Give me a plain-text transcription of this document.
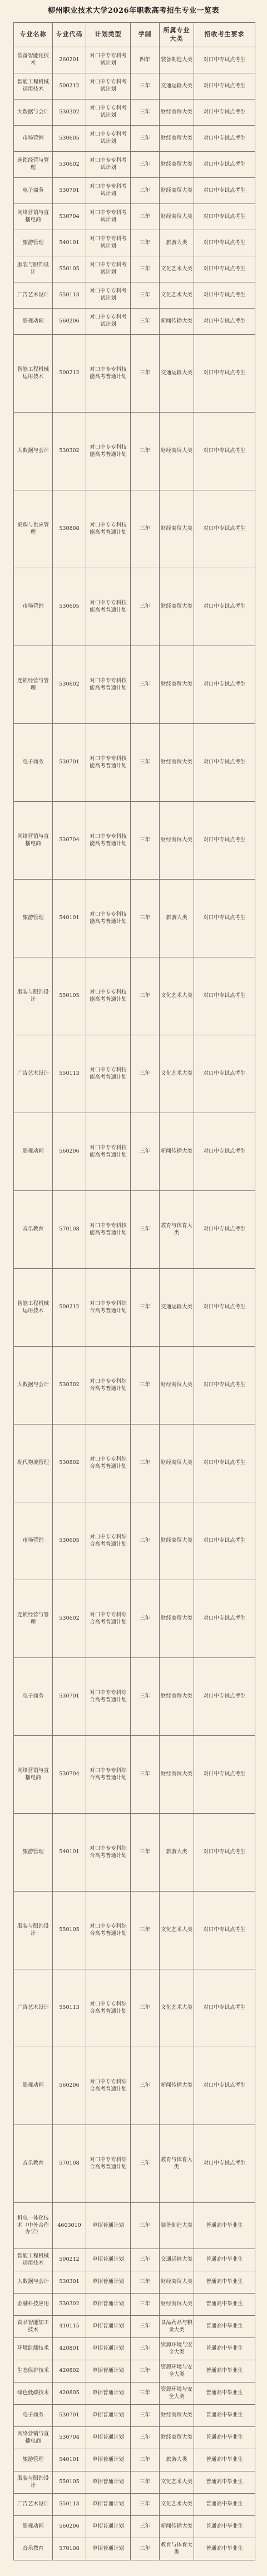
柳州职业技术大学2026年职教高考招生专业一览表
专业名称	专业代码	计划类型	学制	所属专业大类	招收考生要求
装备智能化技术	260201	对口中专专科考试计划	四年	装备制造大类	对口中专试点考生
智能工程机械运用技术	500212	对口中专专科考试计划	三年	交通运输大类	对口中专试点考生
大数据与会计	530302	对口中专专科考试计划	三年	财经商贸大类	对口中专试点考生
市场营销	530605	对口中专专科考试计划	三年	财经商贸大类	对口中专试点考生
连锁经营与管理	530602	对口中专专科考试计划	三年	财经商贸大类	对口中专试点考生
电子商务	530701	对口中专专科考试计划	三年	财经商贸大类	对口中专试点考生
网络营销与直播电商	530704	对口中专专科考试计划	三年	财经商贸大类	对口中专试点考生
旅游管理	540101	对口中专专科考试计划	三年	旅游大类	对口中专试点考生
服装与服饰设计	550105	对口中专专科考试计划	三年	文化艺术大类	对口中专试点考生
广告艺术设计	550113	对口中专专科考试计划	三年	文化艺术大类	对口中专试点考生
影视动画	560206	对口中专专科考试计划	三年	新闻传播大类	对口中专试点考生
智能工程机械运用技术	500212	对口中专专科技能高考普通计划	三年	交通运输大类	对口中专试点考生
大数据与会计	530302	对口中专专科技能高考普通计划	三年	财经商贸大类	对口中专试点考生
采购与供应管理	530808	对口中专专科技能高考普通计划	三年	财经商贸大类	对口中专试点考生
市场营销	530605	对口中专专科技能高考普通计划	三年	财经商贸大类	对口中专试点考生
连锁经营与管理	530602	对口中专专科技能高考普通计划	三年	财经商贸大类	对口中专试点考生
电子商务	530701	对口中专专科技能高考普通计划	三年	财经商贸大类	对口中专试点考生
网络营销与直播电商	530704	对口中专专科技能高考普通计划	三年	财经商贸大类	对口中专试点考生
旅游管理	540101	对口中专专科技能高考普通计划	三年	旅游大类	对口中专试点考生
服装与服饰设计	550105	对口中专专科技能高考普通计划	三年	文化艺术大类	对口中专试点考生
广告艺术设计	550113	对口中专专科技能高考普通计划	三年	文化艺术大类	对口中专试点考生
影视动画	560206	对口中专专科技能高考普通计划	三年	新闻传播大类	对口中专试点考生
音乐教育	570108	对口中专专科技能高考普通计划	三年	教育与体育大类	对口中专试点考生
智能工程机械运用技术	500212	对口中专专科综合高考普通计划	三年	交通运输大类	对口中专试点考生
大数据与会计	530302	对口中专专科综合高考普通计划	三年	财经商贸大类	对口中专试点考生
现代物流管理	530802	对口中专专科综合高考普通计划	三年	财经商贸大类	对口中专试点考生
市场营销	530605	对口中专专科综合高考普通计划	三年	财经商贸大类	对口中专试点考生
连锁经营与管理	530602	对口中专专科综合高考普通计划	三年	财经商贸大类	对口中专试点考生
电子商务	530701	对口中专专科综合高考普通计划	三年	财经商贸大类	对口中专试点考生
网络营销与直播电商	530704	对口中专专科综合高考普通计划	三年	财经商贸大类	对口中专试点考生
旅游管理	540101	对口中专专科综合高考普通计划	三年	旅游大类	对口中专试点考生
服装与服饰设计	550105	对口中专专科综合高考普通计划	三年	文化艺术大类	对口中专试点考生
广告艺术设计	550113	对口中专专科综合高考普通计划	三年	文化艺术大类	对口中专试点考生
影视动画	560206	对口中专专科综合高考普通计划	三年	新闻传播大类	对口中专试点考生
音乐教育	570108	对口中专专科综合高考普通计划	三年	教育与体育大类	对口中专试点考生
机电一体化技术（中外合作办学）	4603010	单招普通计划	三年	装备制造大类	普通高中毕业生
智能工程机械运用技术	500212	单招普通计划	三年	交通运输大类	普通高中毕业生
大数据与会计	530301	单招普通计划	三年	财经商贸大类	普通高中毕业生
金融科技应用	530302	单招普通计划	三年	财经商贸大类	普通高中毕业生
食品智能加工技术	410115	单招普通计划	三年	食品药品与粮食大类	普通高中毕业生
环境监测技术	420801	单招普通计划	三年	资源环境与安全大类	普通高中毕业生
生态保护技术	420802	单招普通计划	三年	资源环境与安全大类	普通高中毕业生
绿色低碳技术	420805	单招普通计划	三年	资源环境与安全大类	普通高中毕业生
电子商务	530701	单招普通计划	三年	财经商贸大类	普通高中毕业生
网络营销与直播电商	530704	单招普通计划	三年	财经商贸大类	普通高中毕业生
旅游管理	540101	单招普通计划	三年	旅游大类	普通高中毕业生
服装与服饰设计	550105	单招普通计划	三年	文化艺术大类	普通高中毕业生
广告艺术设计	550113	单招普通计划	三年	文化艺术大类	普通高中毕业生
影视动画	560206	单招普通计划	三年	新闻传播大类	普通高中毕业生
音乐教育	570108	单招普通计划	三年	教育与体育大类	普通高中毕业生
